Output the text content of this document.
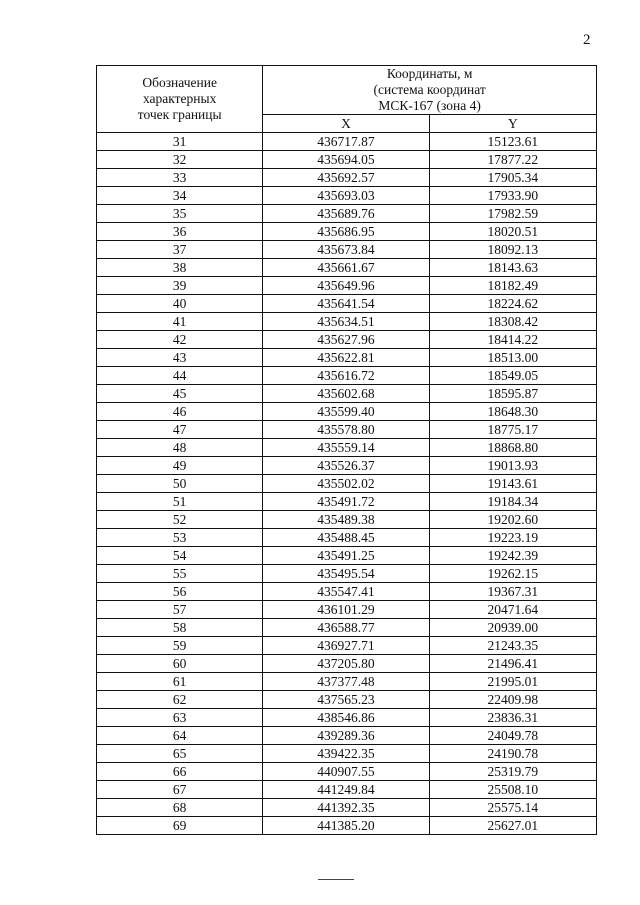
2
Обозначение
характерных
точек границы	Координаты, м
(система координат
МСК-167 (зона 4)	

	X	Y
31	436717.87	15123.61
32	435694.05	17877.22
33	435692.57	17905.34
34	435693.03	17933.90
35	435689.76	17982.59
36	435686.95	18020.51
37	435673.84	18092.13
38	435661.67	18143.63
39	435649.96	18182.49
40	435641.54	18224.62
41	435634.51	18308.42
42	435627.96	18414.22
43	435622.81	18513.00
44	435616.72	18549.05
45	435602.68	18595.87
46	435599.40	18648.30
47	435578.80	18775.17
48	435559.14	18868.80
49	435526.37	19013.93
50	435502.02	19143.61
51	435491.72	19184.34
52	435489.38	19202.60
53	435488.45	19223.19
54	435491.25	19242.39
55	435495.54	19262.15
56	435547.41	19367.31
57	436101.29	20471.64
58	436588.77	20939.00
59	436927.71	21243.35
60	437205.80	21496.41
61	437377.48	21995.01
62	437565.23	22409.98
63	438546.86	23836.31
64	439289.36	24049.78
65	439422.35	24190.78
66	440907.55	25319.79
67	441249.84	25508.10
68	441392.35	25575.14
69	441385.20	25627.01
